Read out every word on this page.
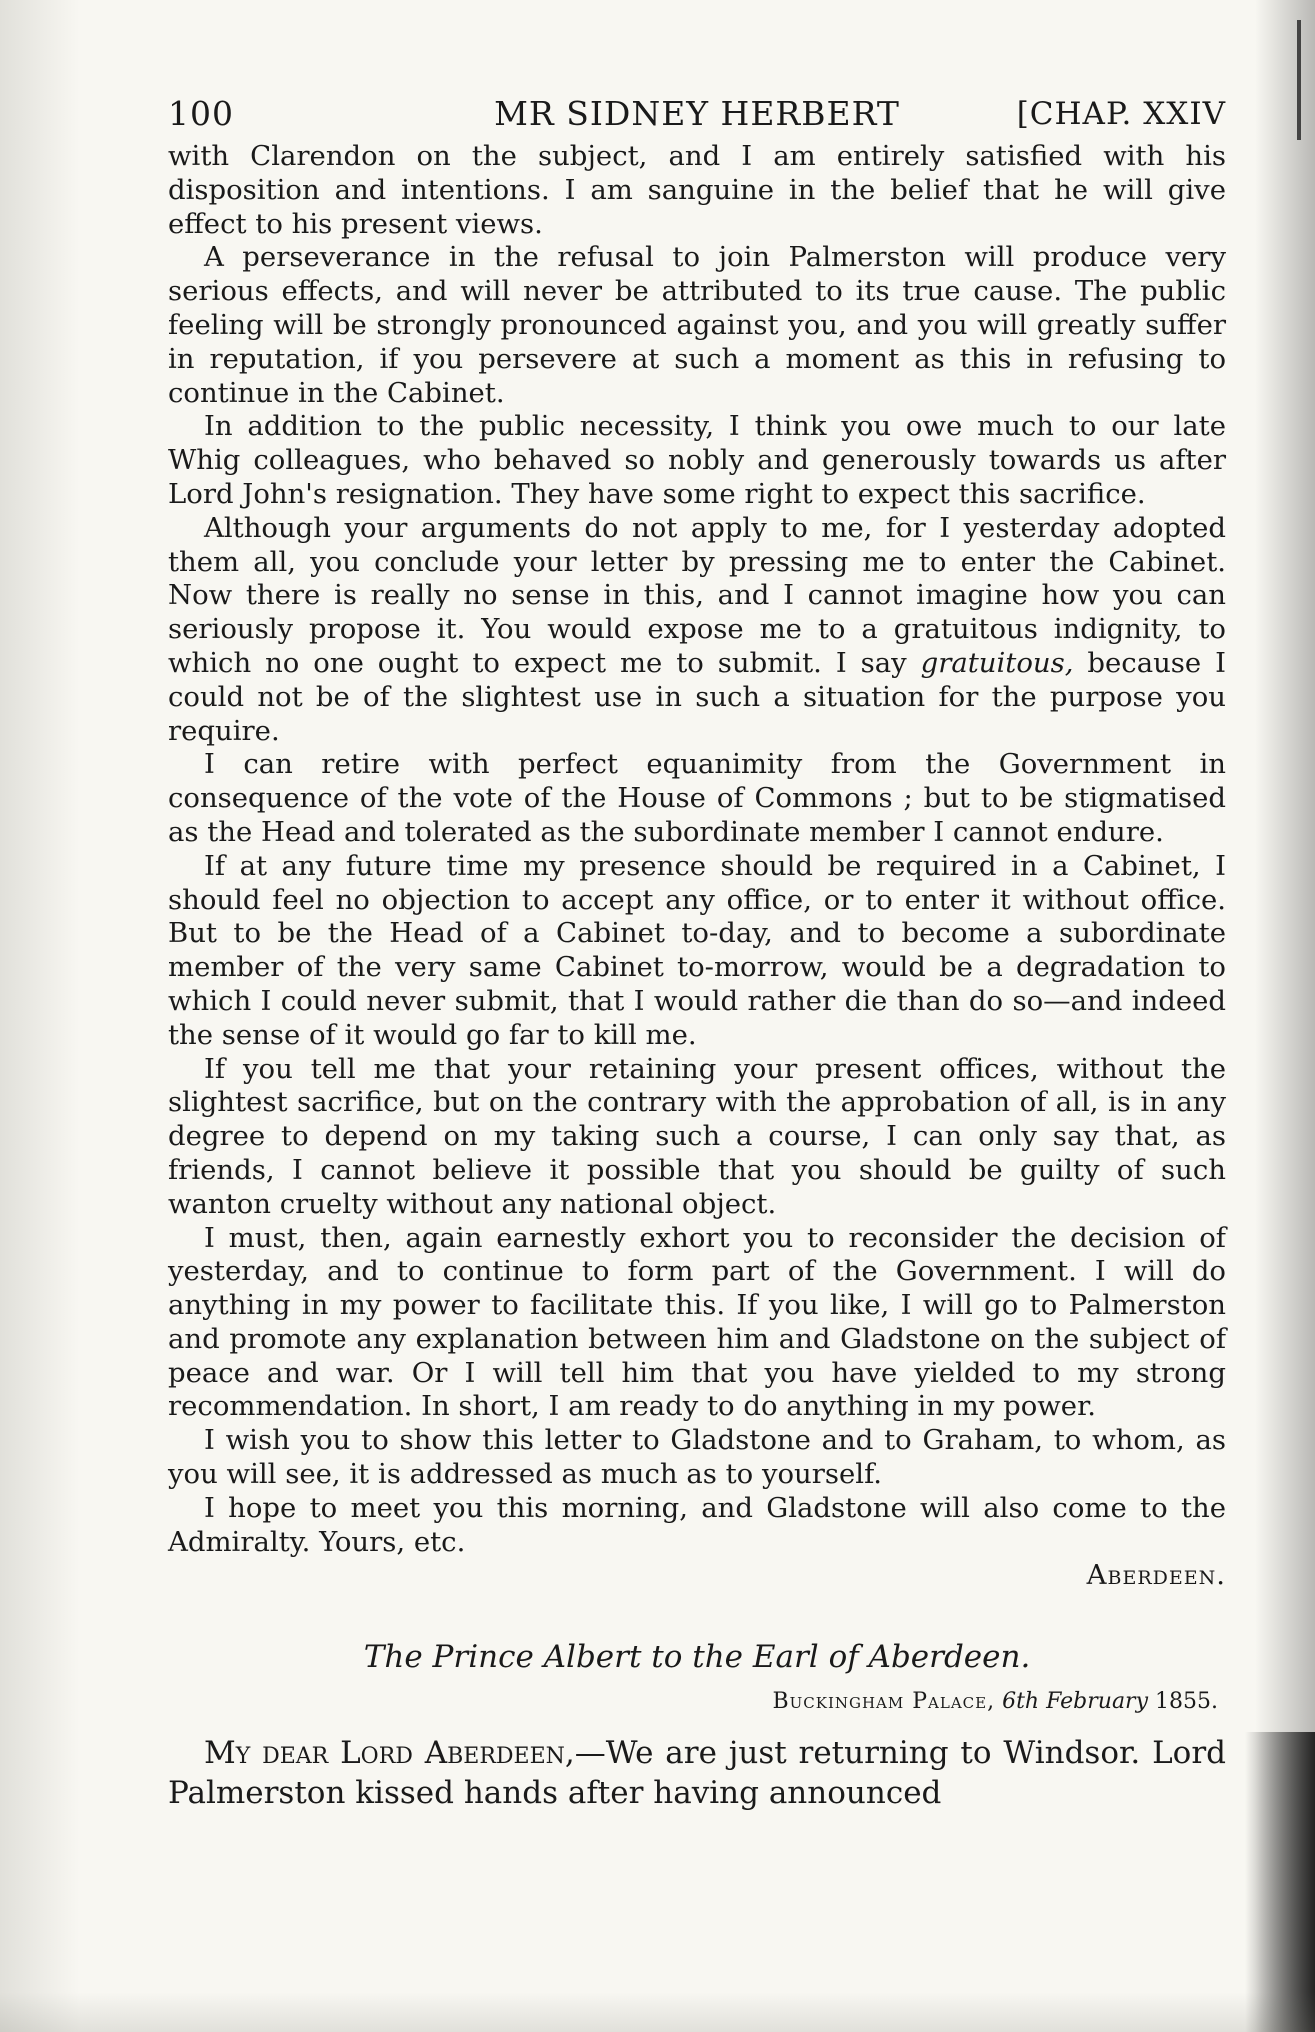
100	MR SIDNEY HERBERT	[CHAP. XXIV

with Clarendon on the subject, and I am entirely satisfied with his disposition and intentions. I am sanguine in the belief that he will give effect to his present views.

A perseverance in the refusal to join Palmerston will produce very serious effects, and will never be attributed to its true cause. The public feeling will be strongly pronounced against you, and you will greatly suffer in reputation, if you persevere at such a moment as this in refusing to continue in the Cabinet.

In addition to the public necessity, I think you owe much to our late Whig colleagues, who behaved so nobly and generously towards us after Lord John's resignation. They have some right to expect this sacrifice.

Although your arguments do not apply to me, for I yesterday adopted them all, you conclude your letter by pressing me to enter the Cabinet. Now there is really no sense in this, and I cannot imagine how you can seriously propose it. You would expose me to a gratuitous indignity, to which no one ought to expect me to submit. I say gratuitous, because I could not be of the slightest use in such a situation for the purpose you require.

I can retire with perfect equanimity from the Government in consequence of the vote of the House of Commons ; but to be stigmatised as the Head and tolerated as the subordinate member I cannot endure.

If at any future time my presence should be required in a Cabinet, I should feel no objection to accept any office, or to enter it without office. But to be the Head of a Cabinet to-day, and to become a subordinate member of the very same Cabinet to-morrow, would be a degradation to which I could never submit, that I would rather die than do so—and indeed the sense of it would go far to kill me.

If you tell me that your retaining your present offices, without the slightest sacrifice, but on the contrary with the approbation of all, is in any degree to depend on my taking such a course, I can only say that, as friends, I cannot believe it possible that you should be guilty of such wanton cruelty without any national object.

I must, then, again earnestly exhort you to reconsider the decision of yesterday, and to continue to form part of the Government. I will do anything in my power to facilitate this. If you like, I will go to Palmerston and promote any explanation between him and Gladstone on the subject of peace and war. Or I will tell him that you have yielded to my strong recommendation. In short, I am ready to do anything in my power.

I wish you to show this letter to Gladstone and to Graham, to whom, as you will see, it is addressed as much as to yourself.

I hope to meet you this morning, and Gladstone will also come to the Admiralty. Yours, etc.

Aberdeen.
The Prince Albert to the Earl of Aberdeen.
Buckingham Palace, 6th February 1855.

My dear Lord Aberdeen,—We are just returning to Windsor. Lord Palmerston kissed hands after having announced
